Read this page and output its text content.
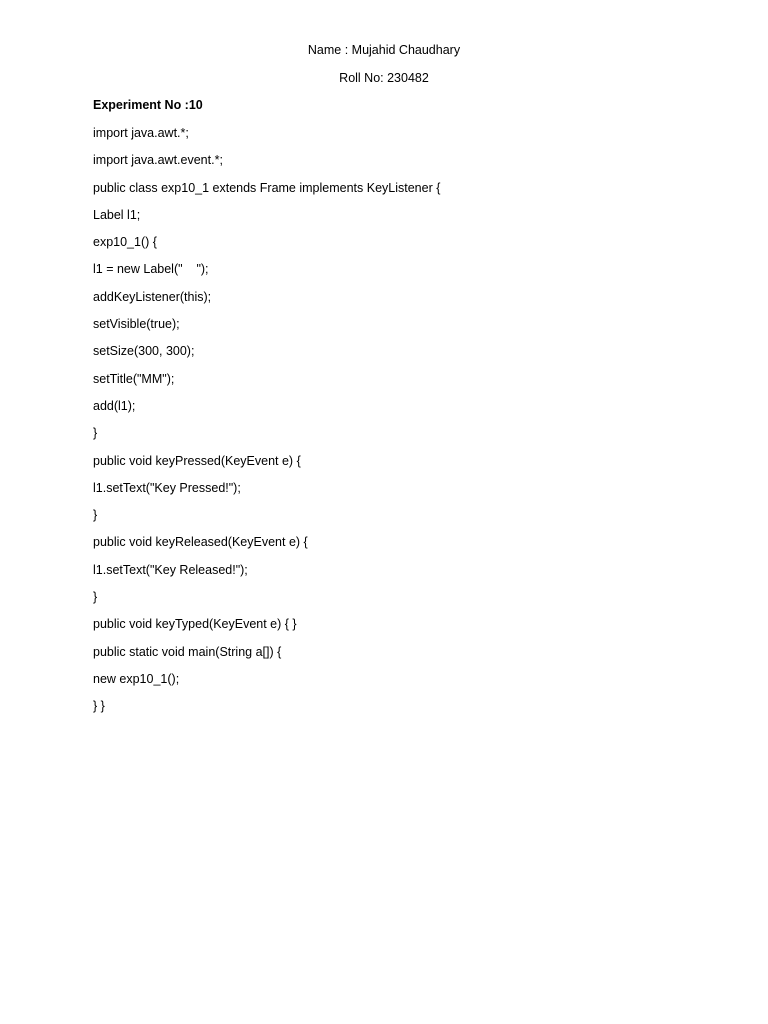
Name : Mujahid Chaudhary
Roll No: 230482
Experiment No :10
import java.awt.*;
import java.awt.event.*;
public class exp10_1 extends Frame implements KeyListener {
Label l1;
exp10_1() {
l1 = new Label("    ");
addKeyListener(this);
setVisible(true);
setSize(300, 300);
setTitle("MM");
add(l1);
}
public void keyPressed(KeyEvent e) {
l1.setText("Key Pressed!");
}
public void keyReleased(KeyEvent e) {
l1.setText("Key Released!");
}
public void keyTyped(KeyEvent e) { }
public static void main(String a[]) {
new exp10_1();
} }
